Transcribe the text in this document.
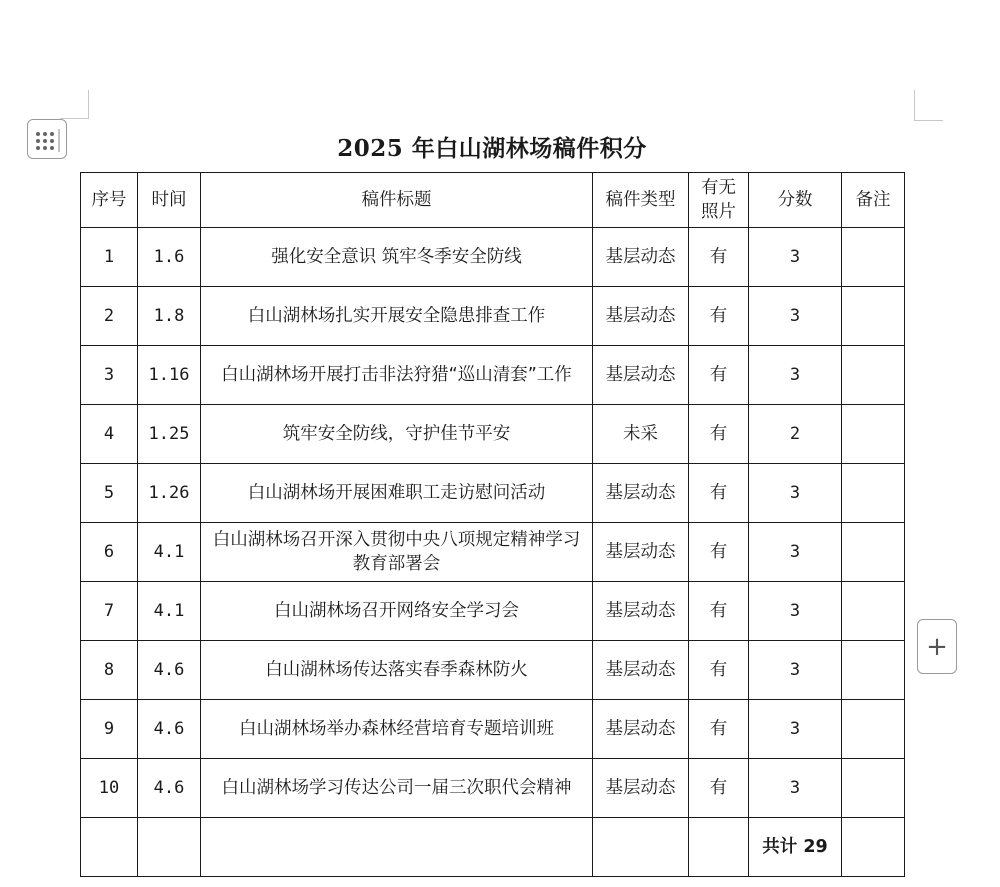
+
2025 年白山湖林场稿件积分
序号	时间	稿件标题	稿件类型	有无照片	分数	备注
1	1.6	强化安全意识 筑牢冬季安全防线	基层动态	有	3	
2	1.8	白山湖林场扎实开展安全隐患排查工作	基层动态	有	3	
3	1.16	白山湖林场开展打击非法狩猎“巡山清套”工作	基层动态	有	3	
4	1.25	筑牢安全防线，守护佳节平安	未采	有	2	
5	1.26	白山湖林场开展困难职工走访慰问活动	基层动态	有	3	
6	4.1	白山湖林场召开深入贯彻中央八项规定精神学习教育部署会	基层动态	有	3	
7	4.1	白山湖林场召开网络安全学习会	基层动态	有	3	
8	4.6	白山湖林场传达落实春季森林防火	基层动态	有	3	
9	4.6	白山湖林场举办森林经营培育专题培训班	基层动态	有	3	
10	4.6	白山湖林场学习传达公司一届三次职代会精神	基层动态	有	3	
					共计 29	
